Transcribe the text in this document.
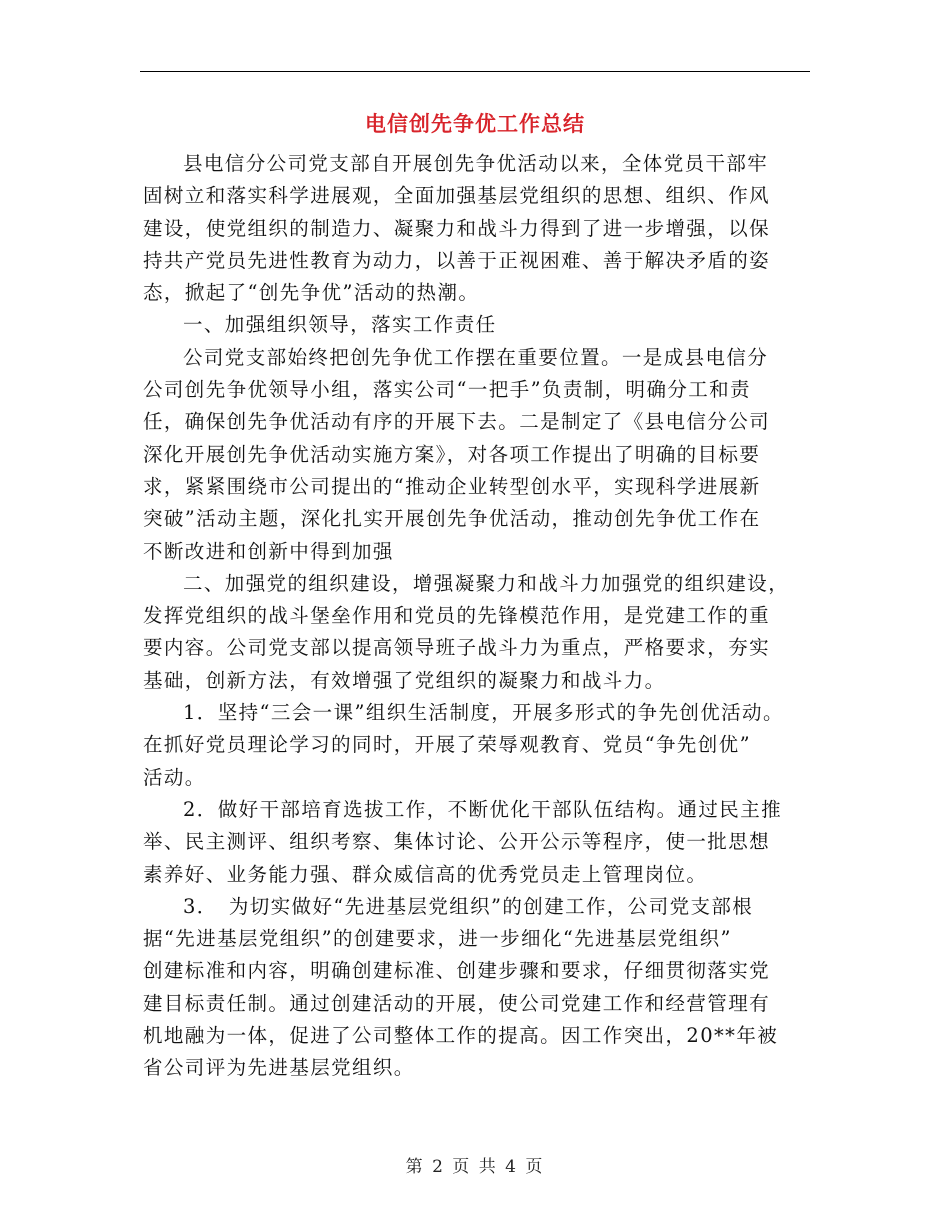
电信创先争优工作总结
县电信分公司党支部自开展创先争优活动以来，全体党员干部牢
固树立和落实科学进展观，全面加强基层党组织的思想、组织、作风
建设，使党组织的制造力、凝聚力和战斗力得到了进一步增强，以保
持共产党员先进性教育为动力，以善于正视困难、善于解决矛盾的姿
态，掀起了“创先争优”活动的热潮。
一、加强组织领导，落实工作责任
公司党支部始终把创先争优工作摆在重要位置。一是成县电信分
公司创先争优领导小组，落实公司“一把手”负责制，明确分工和责
任，确保创先争优活动有序的开展下去。二是制定了《县电信分公司
深化开展创先争优活动实施方案》，对各项工作提出了明确的目标要
求，紧紧围绕市公司提出的“推动企业转型创水平，实现科学进展新
突破”活动主题，深化扎实开展创先争优活动，推动创先争优工作在
不断改进和创新中得到加强
二、加强党的组织建设，增强凝聚力和战斗力加强党的组织建设，
发挥党组织的战斗堡垒作用和党员的先锋模范作用，是党建工作的重
要内容。公司党支部以提高领导班子战斗力为重点，严格要求，夯实
基础，创新方法，有效增强了党组织的凝聚力和战斗力。
1．坚持“三会一课”组织生活制度，开展多形式的争先创优活动。
在抓好党员理论学习的同时，开展了荣辱观教育、党员“争先创优”
活动。
2．做好干部培育选拔工作，不断优化干部队伍结构。通过民主推
举、民主测评、组织考察、集体讨论、公开公示等程序，使一批思想
素养好、业务能力强、群众威信高的优秀党员走上管理岗位。
3．　为切实做好“先进基层党组织”的创建工作，公司党支部根
据“先进基层党组织”的创建要求，进一步细化“先进基层党组织”
创建标准和内容，明确创建标准、创建步骤和要求，仔细贯彻落实党
建目标责任制。通过创建活动的开展，使公司党建工作和经营管理有
机地融为一体，促进了公司整体工作的提高。因工作突出，20**年被
省公司评为先进基层党组织。
第 2 页 共 4 页
